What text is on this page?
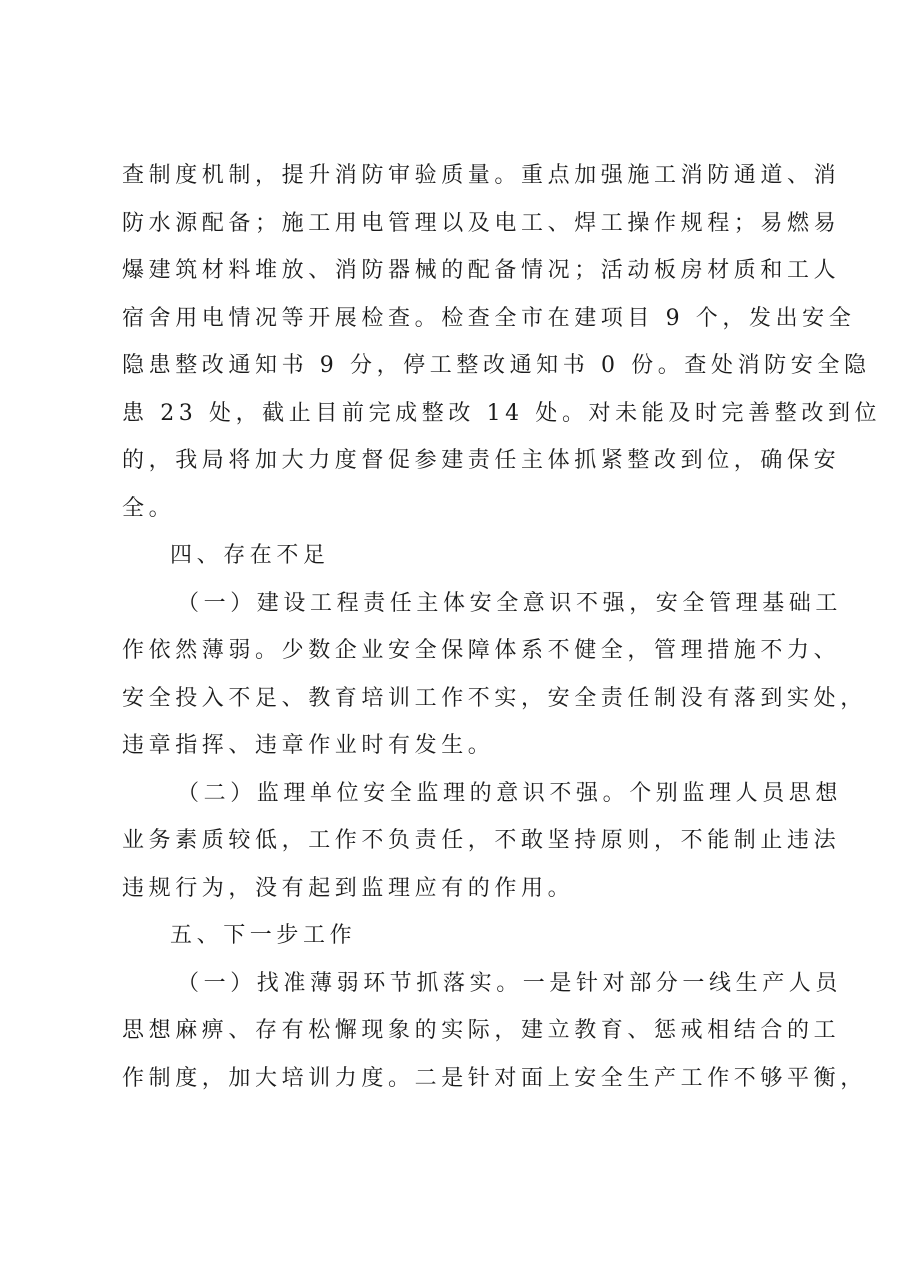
查制度机制，提升消防审验质量。重点加强施工消防通道、消
防水源配备；施工用电管理以及电工、焊工操作规程；易燃易
爆建筑材料堆放、消防器械的配备情况；活动板房材质和工人
宿舍用电情况等开展检查。检查全市在建项目 9 个，发出安全
隐患整改通知书 9 分，停工整改通知书 0 份。查处消防安全隐
患 23 处，截止目前完成整改 14 处。对未能及时完善整改到位
的，我局将加大力度督促参建责任主体抓紧整改到位，确保安
全。
四、存在不足
（一）建设工程责任主体安全意识不强，安全管理基础工
作依然薄弱。少数企业安全保障体系不健全，管理措施不力、
安全投入不足、教育培训工作不实，安全责任制没有落到实处，
违章指挥、违章作业时有发生。
（二）监理单位安全监理的意识不强。个别监理人员思想
业务素质较低，工作不负责任，不敢坚持原则，不能制止违法
违规行为，没有起到监理应有的作用。
五、下一步工作
（一）找准薄弱环节抓落实。一是针对部分一线生产人员
思想麻痹、存有松懈现象的实际，建立教育、惩戒相结合的工
作制度，加大培训力度。二是针对面上安全生产工作不够平衡，
